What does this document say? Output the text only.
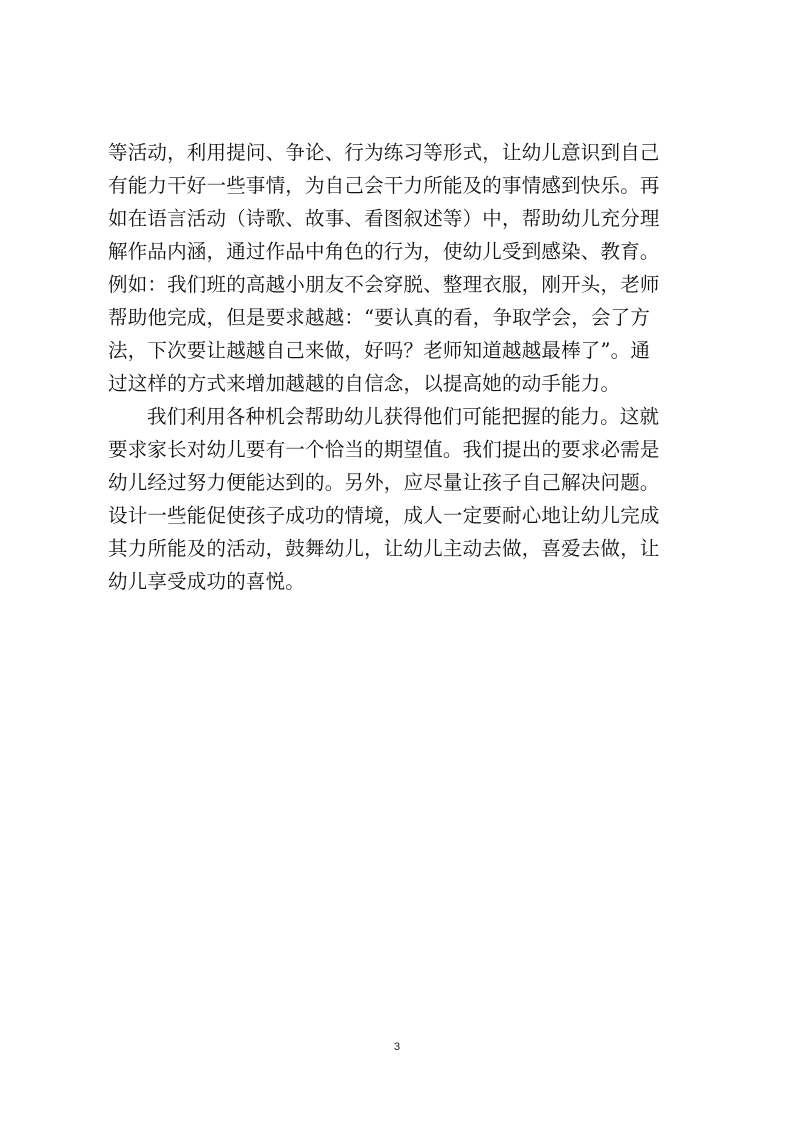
等活动，利用提问、争论、行为练习等形式，让幼儿意识到自己
有能力干好一些事情，为自己会干力所能及的事情感到快乐。再
如在语言活动（诗歌、故事、看图叙述等）中，帮助幼儿充分理
解作品内涵，通过作品中角色的行为，使幼儿受到感染、教育。
例如：我们班的高越小朋友不会穿脱、整理衣服，刚开头，老师
帮助他完成，但是要求越越：“要认真的看，争取学会，会了方
法，下次要让越越自己来做，好吗？老师知道越越最棒了”。通
过这样的方式来增加越越的自信念，以提高她的动手能力。
我们利用各种机会帮助幼儿获得他们可能把握的能力。这就
要求家长对幼儿要有一个恰当的期望值。我们提出的要求必需是
幼儿经过努力便能达到的。另外，应尽量让孩子自己解决问题。
设计一些能促使孩子成功的情境，成人一定要耐心地让幼儿完成
其力所能及的活动，鼓舞幼儿，让幼儿主动去做，喜爱去做，让
幼儿享受成功的喜悦。
3
